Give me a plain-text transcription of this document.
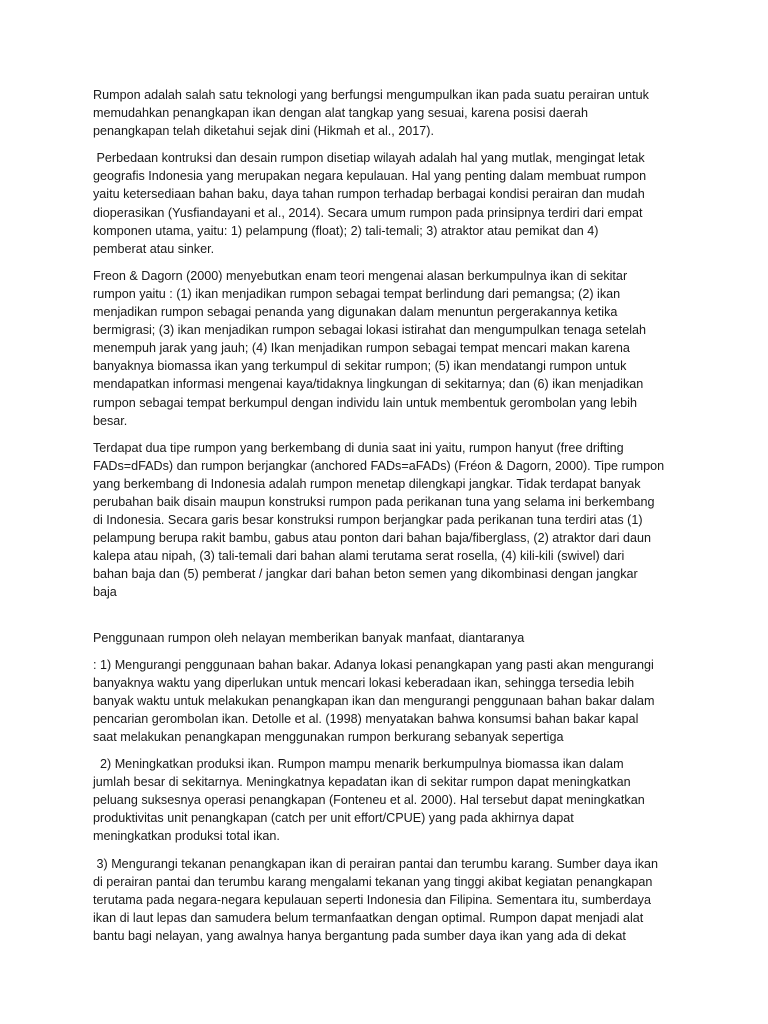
Rumpon adalah salah satu teknologi yang berfungsi mengumpulkan ikan pada suatu perairan untuk
memudahkan penangkapan ikan dengan alat tangkap yang sesuai, karena posisi daerah
penangkapan telah diketahui sejak dini (Hikmah et al., 2017).
Perbedaan kontruksi dan desain rumpon disetiap wilayah adalah hal yang mutlak, mengingat letak
geografis Indonesia yang merupakan negara kepulauan. Hal yang penting dalam membuat rumpon
yaitu ketersediaan bahan baku, daya tahan rumpon terhadap berbagai kondisi perairan dan mudah
dioperasikan (Yusfiandayani et al., 2014). Secara umum rumpon pada prinsipnya terdiri dari empat
komponen utama, yaitu: 1) pelampung (float); 2) tali-temali; 3) atraktor atau pemikat dan 4)
pemberat atau sinker.
Freon & Dagorn (2000) menyebutkan enam teori mengenai alasan berkumpulnya ikan di sekitar
rumpon yaitu : (1) ikan menjadikan rumpon sebagai tempat berlindung dari pemangsa; (2) ikan
menjadikan rumpon sebagai penanda yang digunakan dalam menuntun pergerakannya ketika
bermigrasi; (3) ikan menjadikan rumpon sebagai lokasi istirahat dan mengumpulkan tenaga setelah
menempuh jarak yang jauh; (4) Ikan menjadikan rumpon sebagai tempat mencari makan karena
banyaknya biomassa ikan yang terkumpul di sekitar rumpon; (5) ikan mendatangi rumpon untuk
mendapatkan informasi mengenai kaya/tidaknya lingkungan di sekitarnya; dan (6) ikan menjadikan
rumpon sebagai tempat berkumpul dengan individu lain untuk membentuk gerombolan yang lebih
besar.
Terdapat dua tipe rumpon yang berkembang di dunia saat ini yaitu, rumpon hanyut (free drifting
FADs=dFADs) dan rumpon berjangkar (anchored FADs=aFADs) (Fréon & Dagorn, 2000). Tipe rumpon
yang berkembang di Indonesia adalah rumpon menetap dilengkapi jangkar. Tidak terdapat banyak
perubahan baik disain maupun konstruksi rumpon pada perikanan tuna yang selama ini berkembang
di Indonesia. Secara garis besar konstruksi rumpon berjangkar pada perikanan tuna terdiri atas (1)
pelampung berupa rakit bambu, gabus atau ponton dari bahan baja/fiberglass, (2) atraktor dari daun
kalepa atau nipah, (3) tali-temali dari bahan alami terutama serat rosella, (4) kili-kili (swivel) dari
bahan baja dan (5) pemberat / jangkar dari bahan beton semen yang dikombinasi dengan jangkar
baja
Penggunaan rumpon oleh nelayan memberikan banyak manfaat, diantaranya
: 1) Mengurangi penggunaan bahan bakar. Adanya lokasi penangkapan yang pasti akan mengurangi
banyaknya waktu yang diperlukan untuk mencari lokasi keberadaan ikan, sehingga tersedia lebih
banyak waktu untuk melakukan penangkapan ikan dan mengurangi penggunaan bahan bakar dalam
pencarian gerombolan ikan. Detolle et al. (1998) menyatakan bahwa konsumsi bahan bakar kapal
saat melakukan penangkapan menggunakan rumpon berkurang sebanyak sepertiga
2) Meningkatkan produksi ikan. Rumpon mampu menarik berkumpulnya biomassa ikan dalam
jumlah besar di sekitarnya. Meningkatnya kepadatan ikan di sekitar rumpon dapat meningkatkan
peluang suksesnya operasi penangkapan (Fonteneu et al. 2000). Hal tersebut dapat meningkatkan
produktivitas unit penangkapan (catch per unit effort/CPUE) yang pada akhirnya dapat
meningkatkan produksi total ikan.
3) Mengurangi tekanan penangkapan ikan di perairan pantai dan terumbu karang. Sumber daya ikan
di perairan pantai dan terumbu karang mengalami tekanan yang tinggi akibat kegiatan penangkapan
terutama pada negara-negara kepulauan seperti Indonesia dan Filipina. Sementara itu, sumberdaya
ikan di laut lepas dan samudera belum termanfaatkan dengan optimal. Rumpon dapat menjadi alat
bantu bagi nelayan, yang awalnya hanya bergantung pada sumber daya ikan yang ada di dekat
